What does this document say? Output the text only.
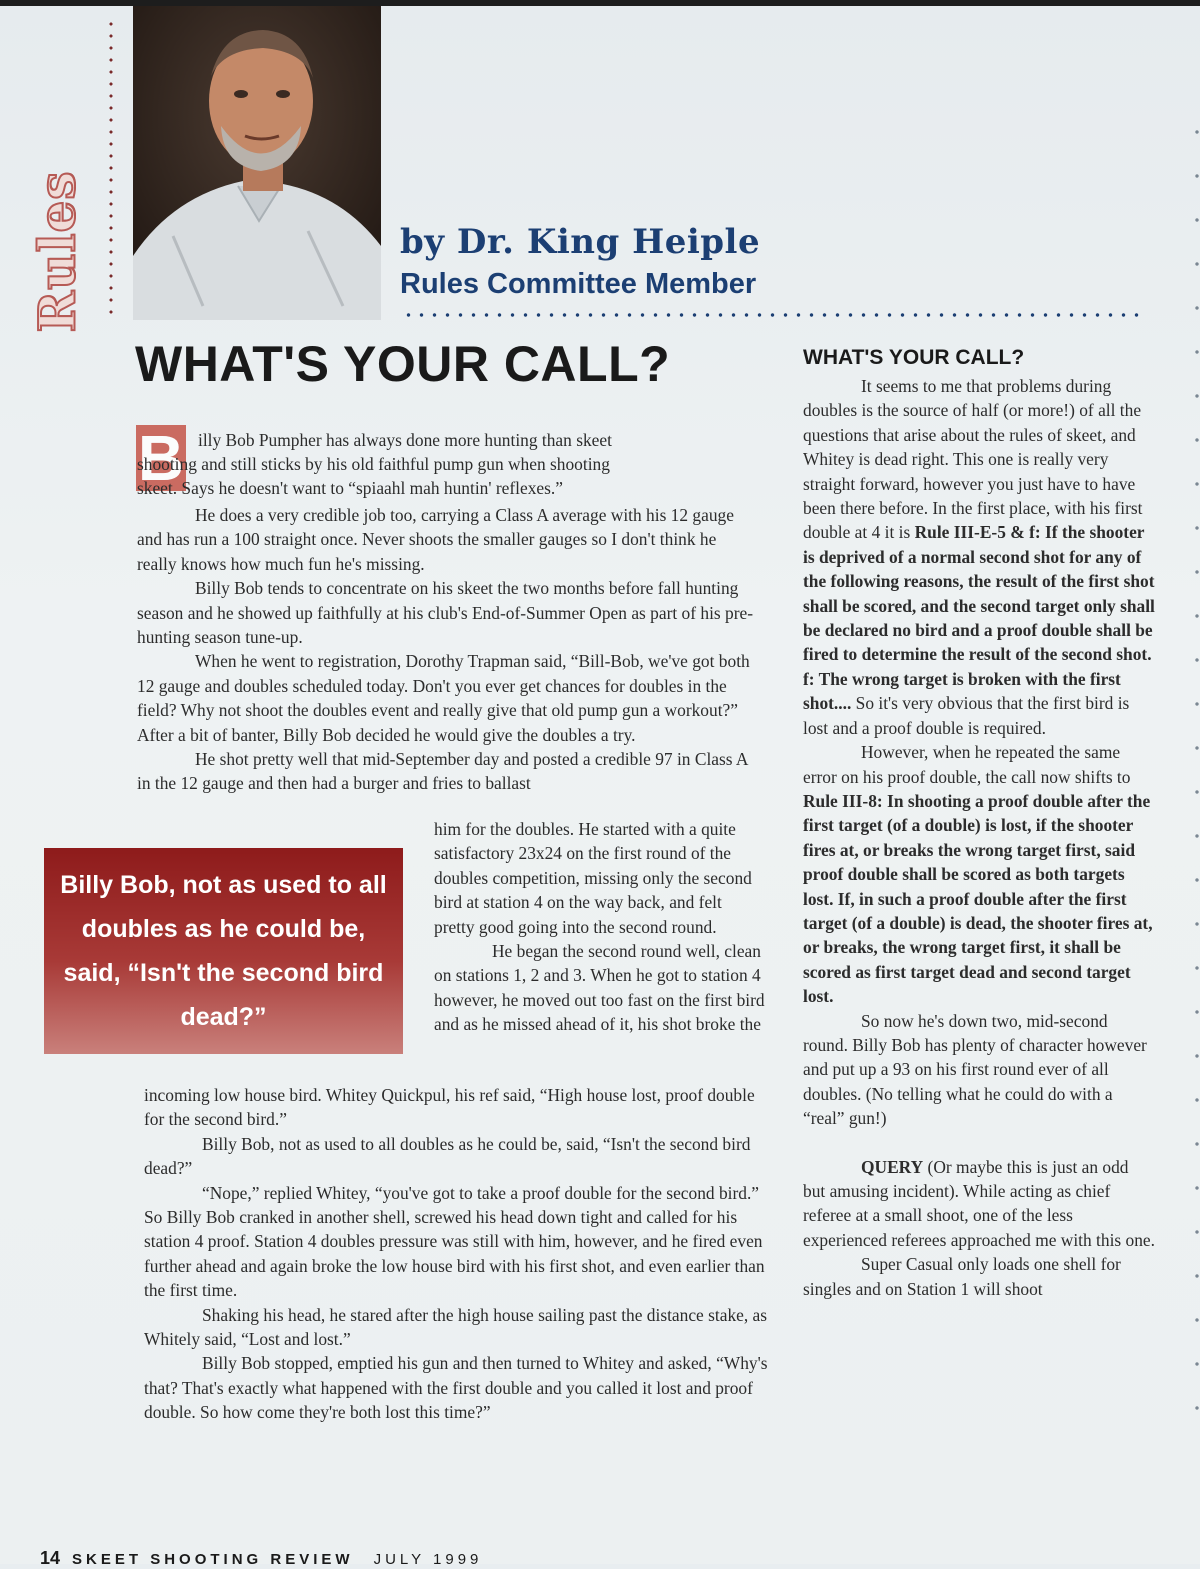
Rules	by Dr. King Heiple
Rules Committee Member
WHAT'S YOUR CALL?
B illy Bob Pumpher has always done more hunting than skeet
shooting and still sticks by his old faithful pump gun when shooting
skeet. Says he doesn't want to “spiaahl mah huntin' reflexes.”

He does a very credible job too, carrying a Class A average with his 12 gauge and has run a 100 straight once. Never shoots the smaller gauges so I don't think he really knows how much fun he's missing.

Billy Bob tends to concentrate on his skeet the two months before fall hunting season and he showed up faithfully at his club's End-of-Summer Open as part of his pre-hunting season tune-up.

When he went to registration, Dorothy Trapman said, “Bill-Bob, we've got both 12 gauge and doubles scheduled today. Don't you ever get chances for doubles in the field? Why not shoot the doubles event and really give that old pump gun a workout?” After a bit of banter, Billy Bob decided he would give the doubles a try.

He shot pretty well that mid-September day and posted a credible 97 in Class A in the 12 gauge and then had a burger and fries to ballast

him for the doubles. He started with a quite satisfactory 23x24 on the first round of the doubles competition, missing only the second bird at station 4 on the way back, and felt pretty good going into the second round.

He began the second round well, clean on stations 1, 2 and 3. When he got to station 4 however, he moved out too fast on the first bird and as he missed ahead of it, his shot broke the

incoming low house bird. Whitey Quickpul, his ref said, “High house lost, proof double for the second bird.”

Billy Bob, not as used to all doubles as he could be, said, “Isn't the second bird dead?”

“Nope,” replied Whitey, “you've got to take a proof double for the second bird.” So Billy Bob cranked in another shell, screwed his head down tight and called for his station 4 proof. Station 4 doubles pressure was still with him, however, and he fired even further ahead and again broke the low house bird with his first shot, and even earlier than the first time.

Shaking his head, he stared after the high house sailing past the distance stake, as Whitely said, “Lost and lost.”

Billy Bob stopped, emptied his gun and then turned to Whitey and asked, “Why's that? That's exactly what happened with the first double and you called it lost and proof double. So how come they're both lost this time?”

Billy Bob, not as used to all doubles as he could be, said, “Isn't the second bird dead?”
WHAT'S YOUR CALL?

It seems to me that problems during doubles is the source of half (or more!) of all the questions that arise about the rules of skeet, and Whitey is dead right. This one is really very straight forward, however you just have to have been there before. In the first place, with his first double at 4 it is Rule III-E-5 & f: If the shooter is deprived of a normal second shot for any of the following reasons, the result of the first shot shall be scored, and the second target only shall be declared no bird and a proof double shall be fired to determine the result of the second shot. f: The wrong target is broken with the first shot.... So it's very obvious that the first bird is lost and a proof double is required.

However, when he repeated the same error on his proof double, the call now shifts to Rule III-8: In shooting a proof double after the first target (of a double) is lost, if the shooter fires at, or breaks the wrong target first, said proof double shall be scored as both targets lost. If, in such a proof double after the first target (of a double) is dead, the shooter fires at, or breaks, the wrong target first, it shall be scored as first target dead and second target lost.

So now he's down two, mid-second round. Billy Bob has plenty of character however and put up a 93 on his first round ever of all doubles. (No telling what he could do with a “real” gun!)

QUERY (Or maybe this is just an odd but amusing incident). While acting as chief referee at a small shoot, one of the less experienced referees approached me with this one.

Super Casual only loads one shell for singles and on Station 1 will shoot

14 SKEET SHOOTING REVIEW JULY 1999
